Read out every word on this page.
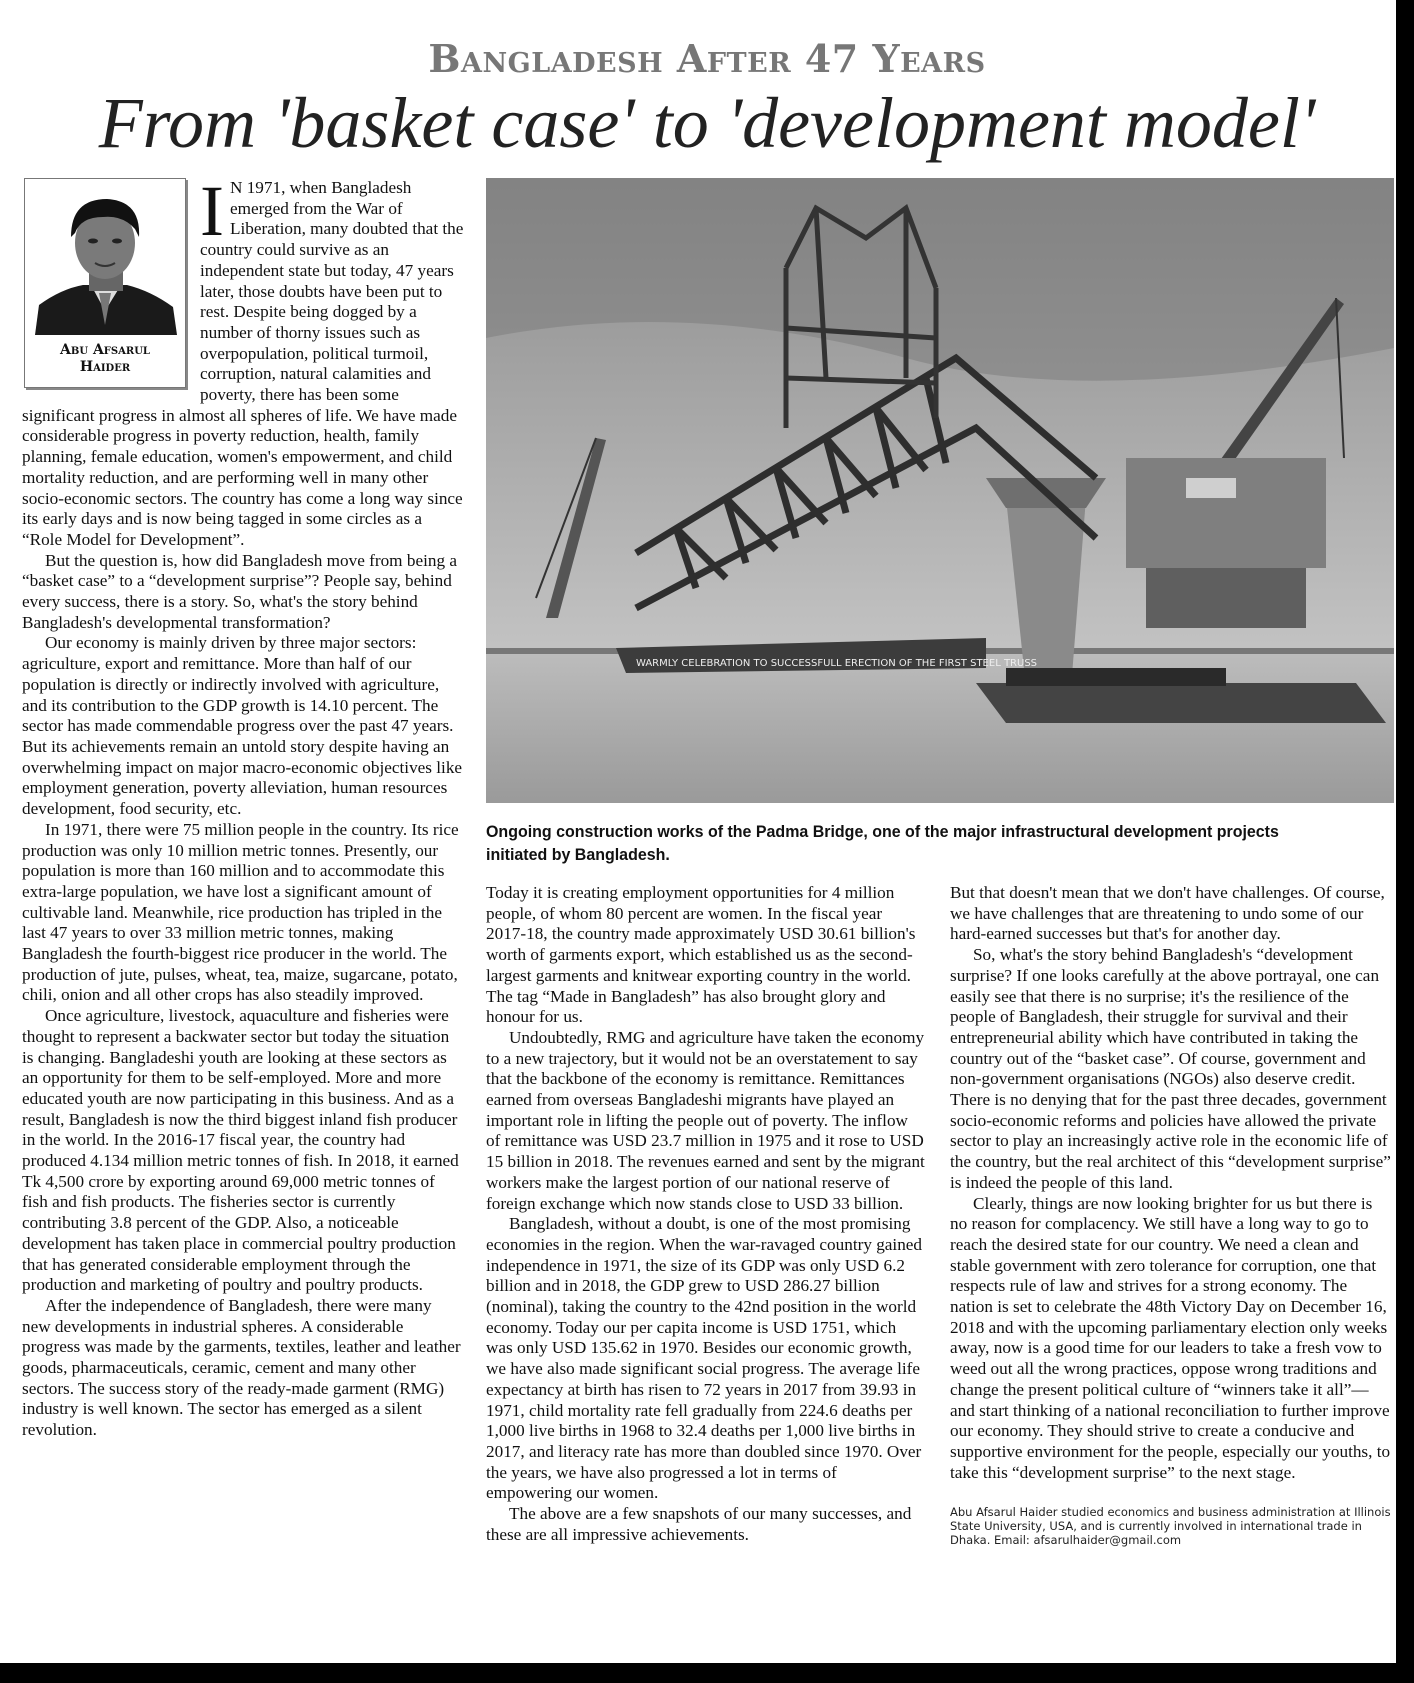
Bangladesh After 47 Years
From 'basket case' to 'development model'
Abu Afsarul
Haider
I N 1971, when Bangladesh emerged from the War of Liberation, many doubted that the country could survive as an independent state but today, 47 years later, those doubts have been put to rest. Despite being dogged by a number of thorny issues such as overpopulation, political turmoil, corruption, natural calamities and poverty, there has been some significant progress in almost all spheres of life. We have made considerable progress in poverty reduction, health, family planning, female education, women's empowerment, and child mortality reduction, and are performing well in many other socio-economic sectors. The country has come a long way since its early days and is now being tagged in some circles as a “Role Model for Development”.

But the question is, how did Bangladesh move from being a “basket case” to a “development surprise”? People say, behind every success, there is a story. So, what's the story behind Bangladesh's developmental transformation?

Our economy is mainly driven by three major sectors: agriculture, export and remittance. More than half of our population is directly or indirectly involved with agriculture, and its contribution to the GDP growth is 14.10 percent. The sector has made commendable progress over the past 47 years. But its achievements remain an untold story despite having an overwhelming impact on major macro-economic objectives like employment generation, poverty alleviation, human resources development, food security, etc.

In 1971, there were 75 million people in the country. Its rice production was only 10 million metric tonnes. Presently, our population is more than 160 million and to accommodate this extra-large population, we have lost a significant amount of cultivable land. Meanwhile, rice production has tripled in the last 47 years to over 33 million metric tonnes, making Bangladesh the fourth-biggest rice producer in the world. The production of jute, pulses, wheat, tea, maize, sugarcane, potato, chili, onion and all other crops has also steadily improved.

Once agriculture, livestock, aquaculture and fisheries were thought to represent a backwater sector but today the situation is changing. Bangladeshi youth are looking at these sectors as an opportunity for them to be self-employed. More and more educated youth are now participating in this business. And as a result, Bangladesh is now the third biggest inland fish producer in the world. In the 2016-17 fiscal year, the country had produced 4.134 million metric tonnes of fish. In 2018, it earned Tk 4,500 crore by exporting around 69,000 metric tonnes of fish and fish products. The fisheries sector is currently contributing 3.8 percent of the GDP. Also, a noticeable development has taken place in commercial poultry production that has generated considerable employment through the production and marketing of poultry and poultry products.

After the independence of Bangladesh, there were many new developments in industrial spheres. A considerable progress was made by the garments, textiles, leather and leather goods, pharmaceuticals, ceramic, cement and many other sectors. The success story of the ready-made garment (RMG) industry is well known. The sector has emerged as a silent revolution.

WARMLY CELEBRATION TO SUCCESSFULL ERECTION OF THE FIRST STEEL TRUSS
Ongoing construction works of the Padma Bridge, one of the major infrastructural development projects initiated by Bangladesh.

Today it is creating employment opportunities for 4 million people, of whom 80 percent are women. In the fiscal year 2017-18, the country made approximately USD 30.61 billion's worth of garments export, which established us as the second-largest garments and knitwear exporting country in the world. The tag “Made in Bangladesh” has also brought glory and honour for us.

Undoubtedly, RMG and agriculture have taken the economy to a new trajectory, but it would not be an overstatement to say that the backbone of the economy is remittance. Remittances earned from overseas Bangladeshi migrants have played an important role in lifting the people out of poverty. The inflow of remittance was USD 23.7 million in 1975 and it rose to USD 15 billion in 2018. The revenues earned and sent by the migrant workers make the largest portion of our national reserve of foreign exchange which now stands close to USD 33 billion.

Bangladesh, without a doubt, is one of the most promising economies in the region. When the war-ravaged country gained independence in 1971, the size of its GDP was only USD 6.2 billion and in 2018, the GDP grew to USD 286.27 billion (nominal), taking the country to the 42nd position in the world economy. Today our per capita income is USD 1751, which was only USD 135.62 in 1970. Besides our economic growth, we have also made significant social progress. The average life expectancy at birth has risen to 72 years in 2017 from 39.93 in 1971, child mortality rate fell gradually from 224.6 deaths per 1,000 live births in 1968 to 32.4 deaths per 1,000 live births in 2017, and literacy rate has more than doubled since 1970. Over the years, we have also progressed a lot in terms of empowering our women.

The above are a few snapshots of our many successes, and these are all impressive achievements.

But that doesn't mean that we don't have challenges. Of course, we have challenges that are threatening to undo some of our hard-earned successes but that's for another day.

So, what's the story behind Bangladesh's “development surprise? If one looks carefully at the above portrayal, one can easily see that there is no surprise; it's the resilience of the people of Bangladesh, their struggle for survival and their entrepreneurial ability which have contributed in taking the country out of the “basket case”. Of course, government and non-government organisations (NGOs) also deserve credit. There is no denying that for the past three decades, government socio-economic reforms and policies have allowed the private sector to play an increasingly active role in the economic life of the country, but the real architect of this “development surprise” is indeed the people of this land.

Clearly, things are now looking brighter for us but there is no reason for complacency. We still have a long way to go to reach the desired state for our country. We need a clean and stable government with zero tolerance for corruption, one that respects rule of law and strives for a strong economy. The nation is set to celebrate the 48th Victory Day on December 16, 2018 and with the upcoming parliamentary election only weeks away, now is a good time for our leaders to take a fresh vow to weed out all the wrong practices, oppose wrong traditions and change the present political culture of “winners take it all”—and start thinking of a national reconciliation to further improve our economy. They should strive to create a conducive and supportive environment for the people, especially our youths, to take this “development surprise” to the next stage.

Abu Afsarul Haider studied economics and business administration at Illinois State University, USA, and is currently involved in international trade in Dhaka. Email: afsarulhaider@gmail.com
